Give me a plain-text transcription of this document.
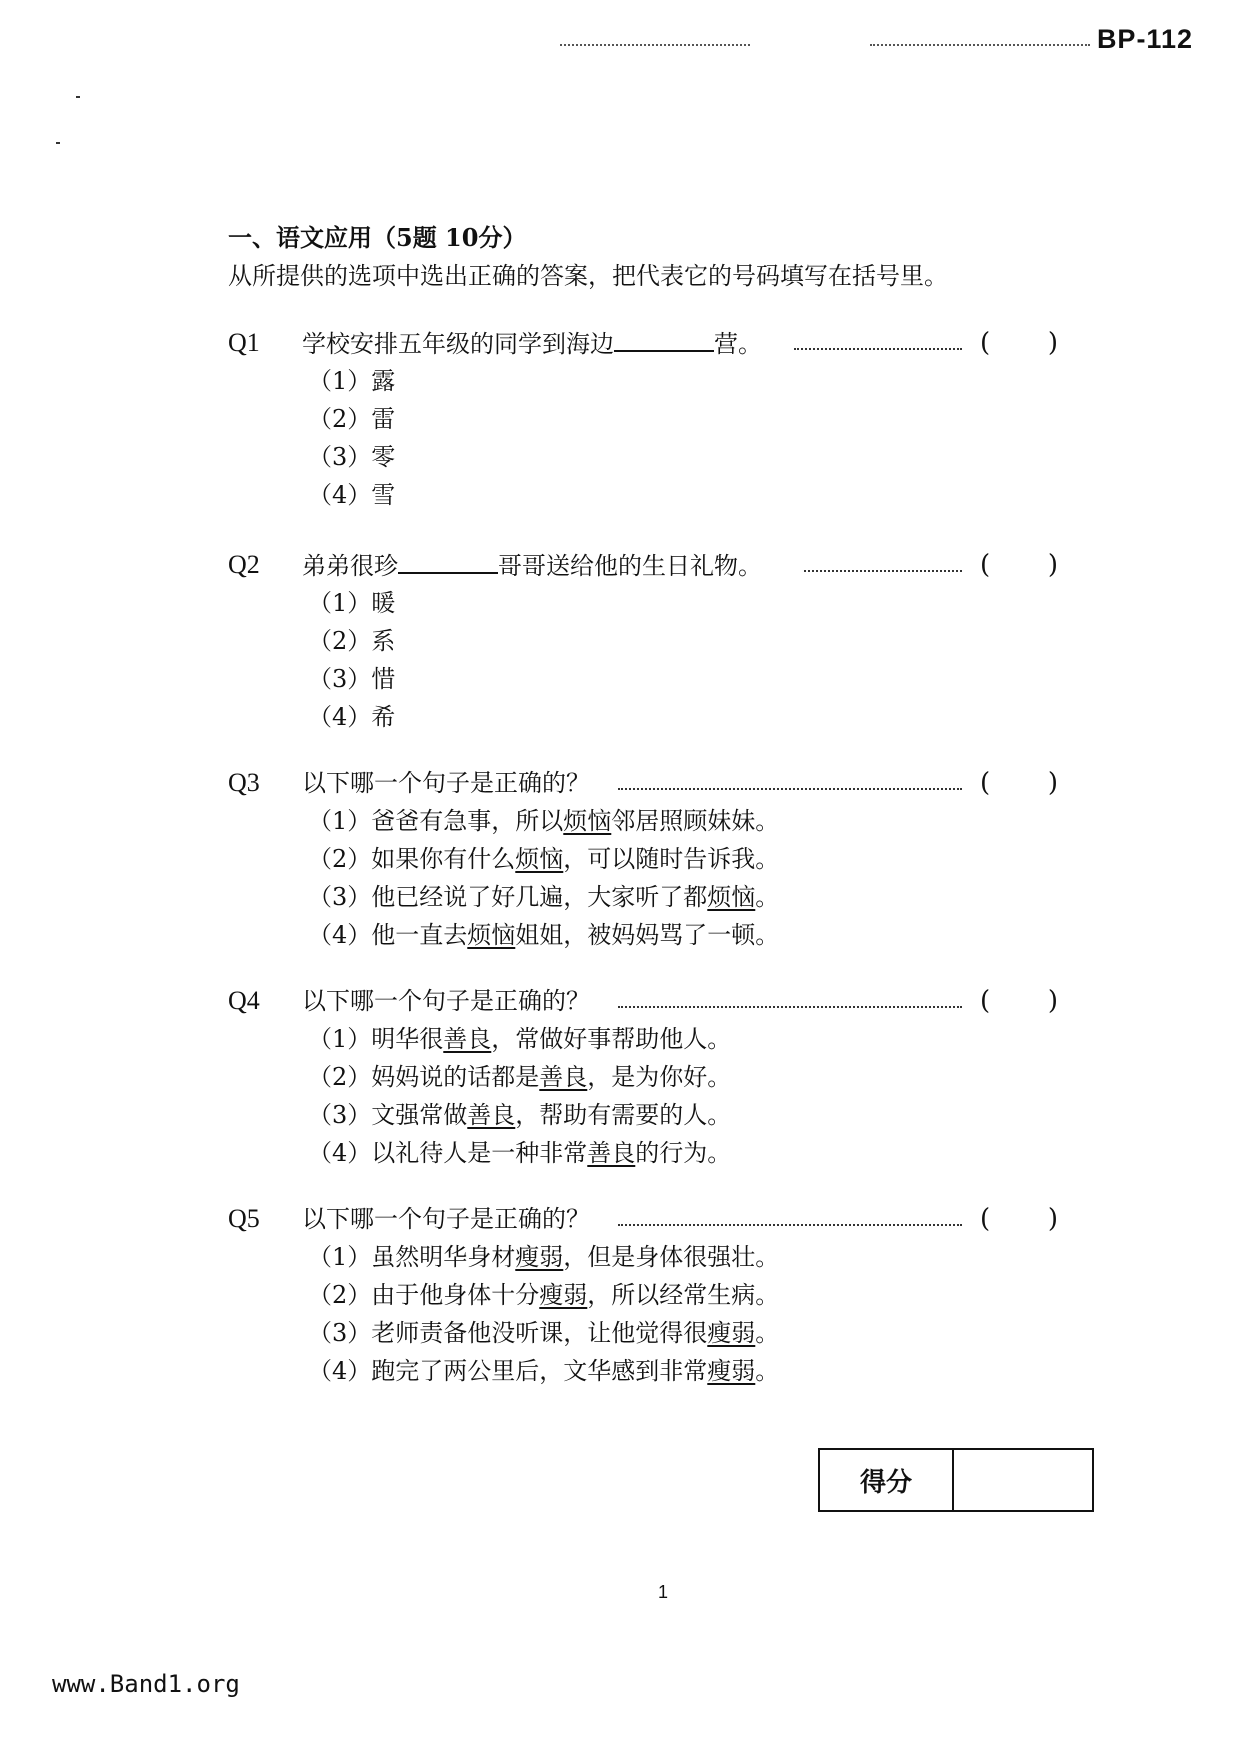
BP-112
一、语文应用（5题 10分）
从所提供的选项中选出正确的答案，把代表它的号码填写在括号里。
Q1 学校安排五年级的同学到海边	营。	( )
（1）露
（2）雷
（3）零
（4）雪
Q2 弟弟很珍	哥哥送给他的生日礼物。	( )
（1）暖
（2）系
（3）惜
（4）希
Q3 以下哪一个句子是正确的？	( )
（1）爸爸有急事，所以烦恼邻居照顾妹妹。
（2）如果你有什么烦恼，可以随时告诉我。
（3）他已经说了好几遍，大家听了都烦恼。
（4）他一直去烦恼姐姐，被妈妈骂了一顿。
Q4 以下哪一个句子是正确的？	( )
（1）明华很善良，常做好事帮助他人。
（2）妈妈说的话都是善良，是为你好。
（3）文强常做善良，帮助有需要的人。
（4）以礼待人是一种非常善良的行为。
Q5 以下哪一个句子是正确的？	( )
（1）虽然明华身材瘦弱，但是身体很强壮。
（2）由于他身体十分瘦弱，所以经常生病。
（3）老师责备他没听课，让他觉得很瘦弱。
（4）跑完了两公里后，文华感到非常瘦弱。
得分
1
www.Band1.org
